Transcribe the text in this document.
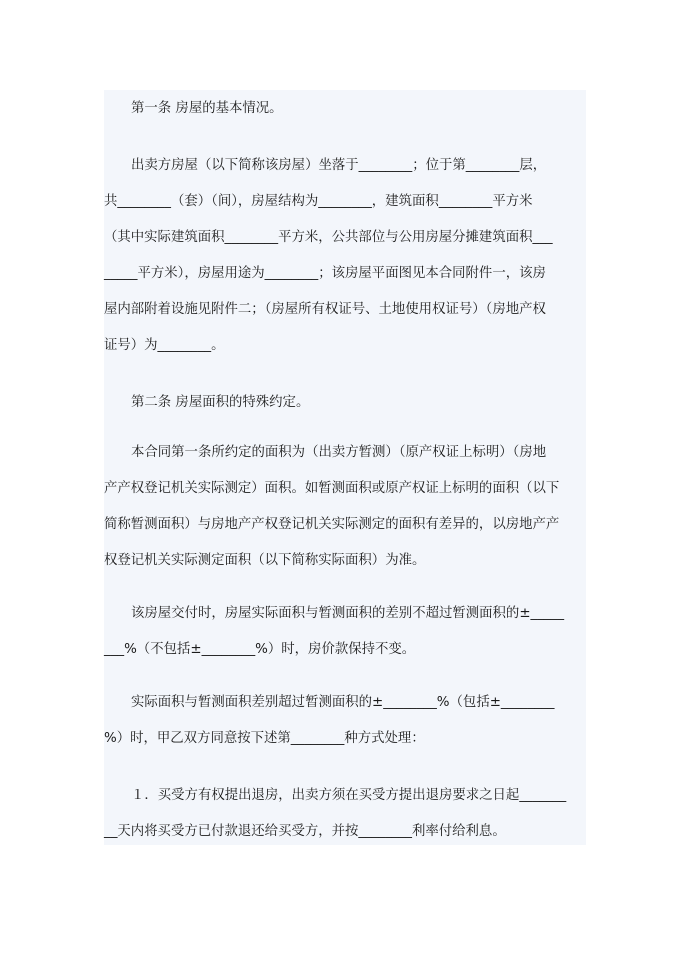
第一条 房屋的基本情况。
出卖方房屋（以下简称该房屋）坐落于________；位于第________层，
共________（套）（间），房屋结构为________，建筑面积________平方米
（其中实际建筑面积________平方米，公共部位与公用房屋分摊建筑面积___
_____平方米），房屋用途为________；该房屋平面图见本合同附件一，该房
屋内部附着设施见附件二；（房屋所有权证号、土地使用权证号）（房地产权
证号）为________。
第二条 房屋面积的特殊约定。
本合同第一条所约定的面积为（出卖方暂测）（原产权证上标明）（房地
产产权登记机关实际测定）面积。如暂测面积或原产权证上标明的面积（以下
简称暂测面积）与房地产产权登记机关实际测定的面积有差异的，以房地产产
权登记机关实际测定面积（以下简称实际面积）为准。
该房屋交付时，房屋实际面积与暂测面积的差别不超过暂测面积的±_____
___%（不包括±________%）时，房价款保持不变。
实际面积与暂测面积差别超过暂测面积的±________%（包括±________
%）时，甲乙双方同意按下述第________种方式处理：
１．买受方有权提出退房，出卖方须在买受方提出退房要求之日起_______
__天内将买受方已付款退还给买受方，并按________利率付给利息。
